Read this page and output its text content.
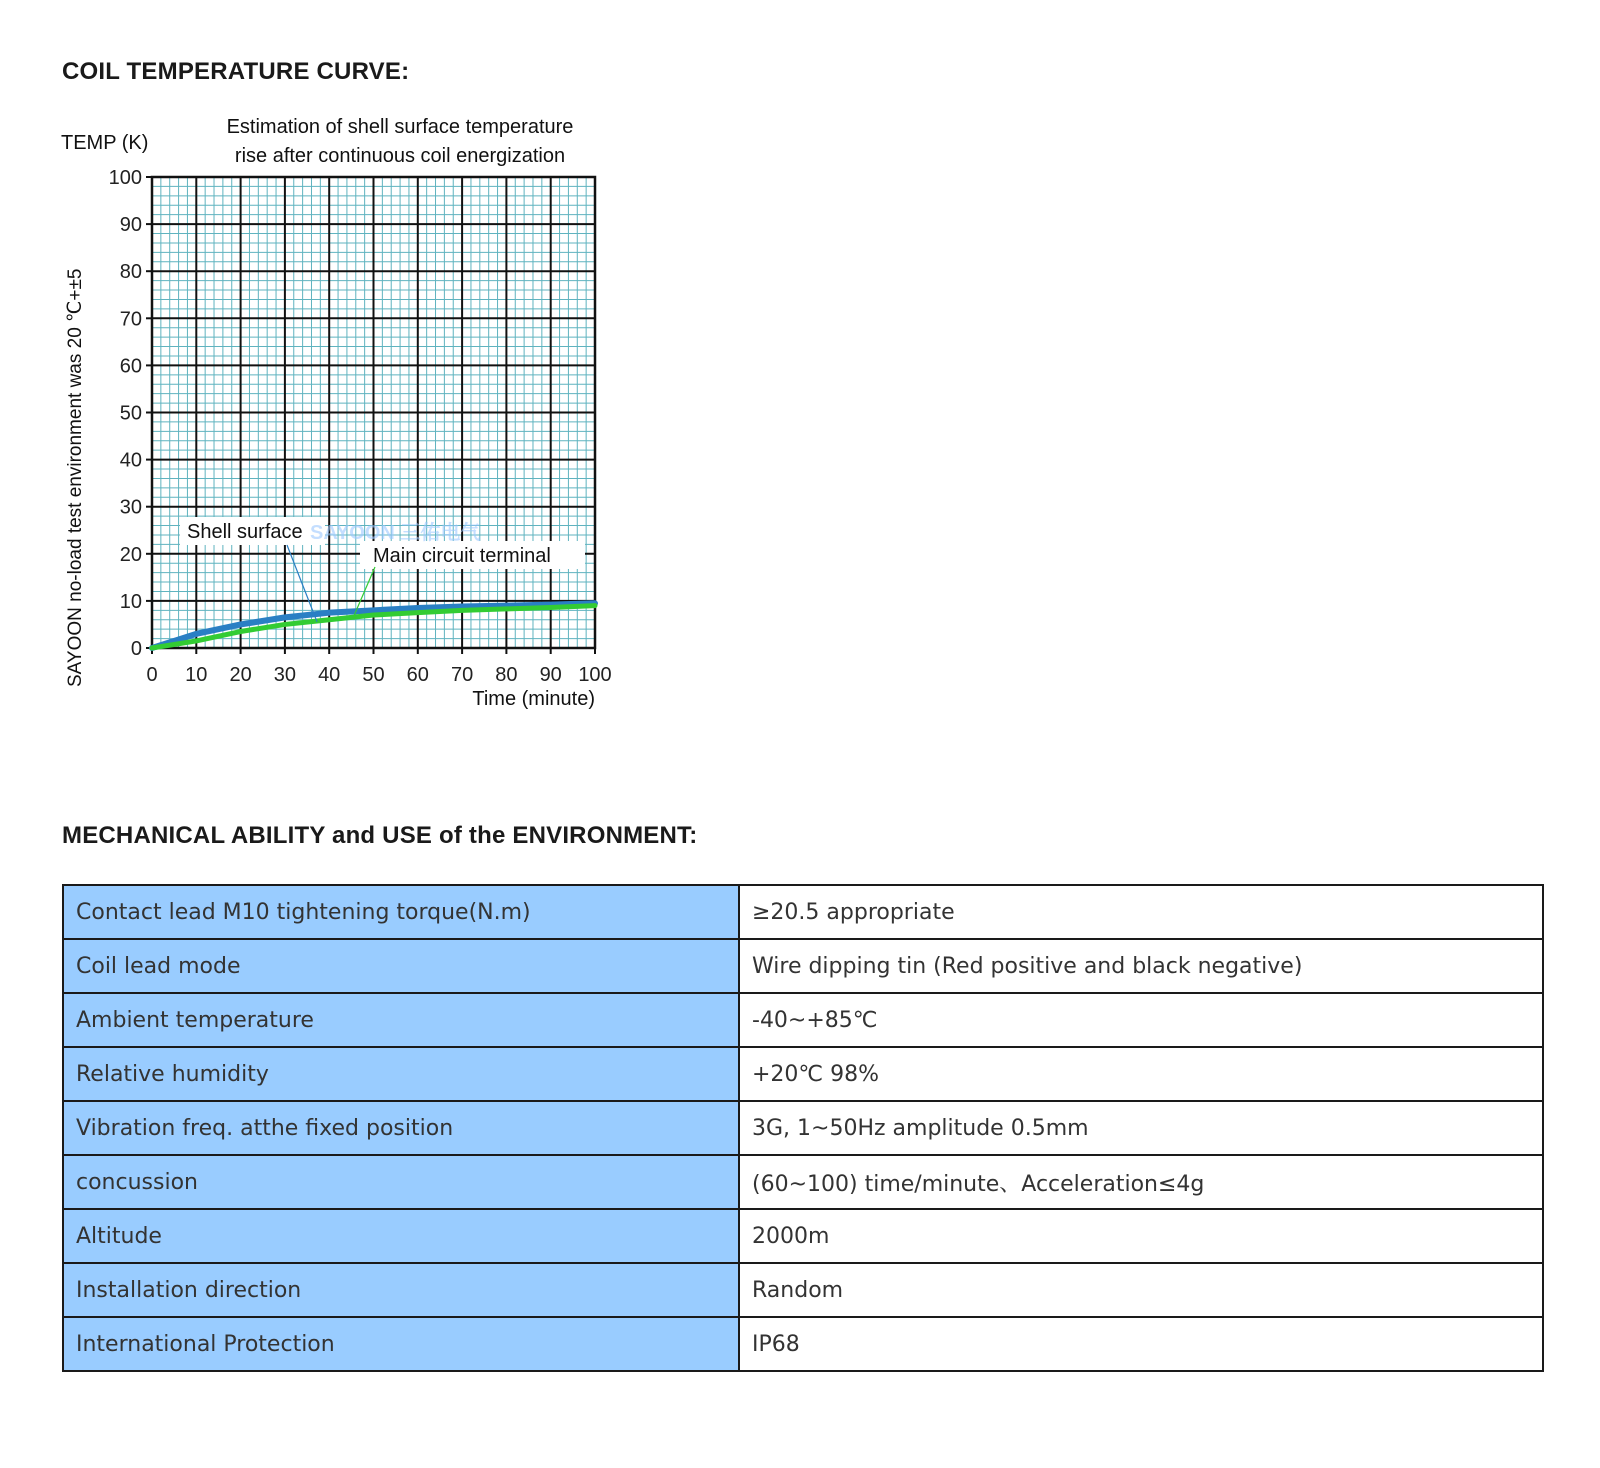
COIL TEMPERATURE CURVE:
0
10
20
30
40
50
60
70
80
90
100
0 10 20 30 40 50 60 70 80 90 100
SAYOON 三佑电气
Shell surface
Main circuit terminal
Estimation of shell surface temperature
rise after continuous coil energization
TEMP (K)
Time (minute)
SAYOON no-load test environment was 20 ℃+±5
MECHANICAL ABILITY and USE of the ENVIRONMENT:
Contact lead M10 tightening torque(N.m)	≥20.5 appropriate
Coil lead mode	Wire dipping tin (Red positive and black negative)
Ambient temperature	-40~+85℃
Relative humidity	+20℃ 98%
Vibration freq. atthe fixed position	3G, 1~50Hz amplitude 0.5mm
concussion	(60~100) time/minute、Acceleration≤4g
Altitude	2000m
Installation direction	Random
International Protection	IP68
